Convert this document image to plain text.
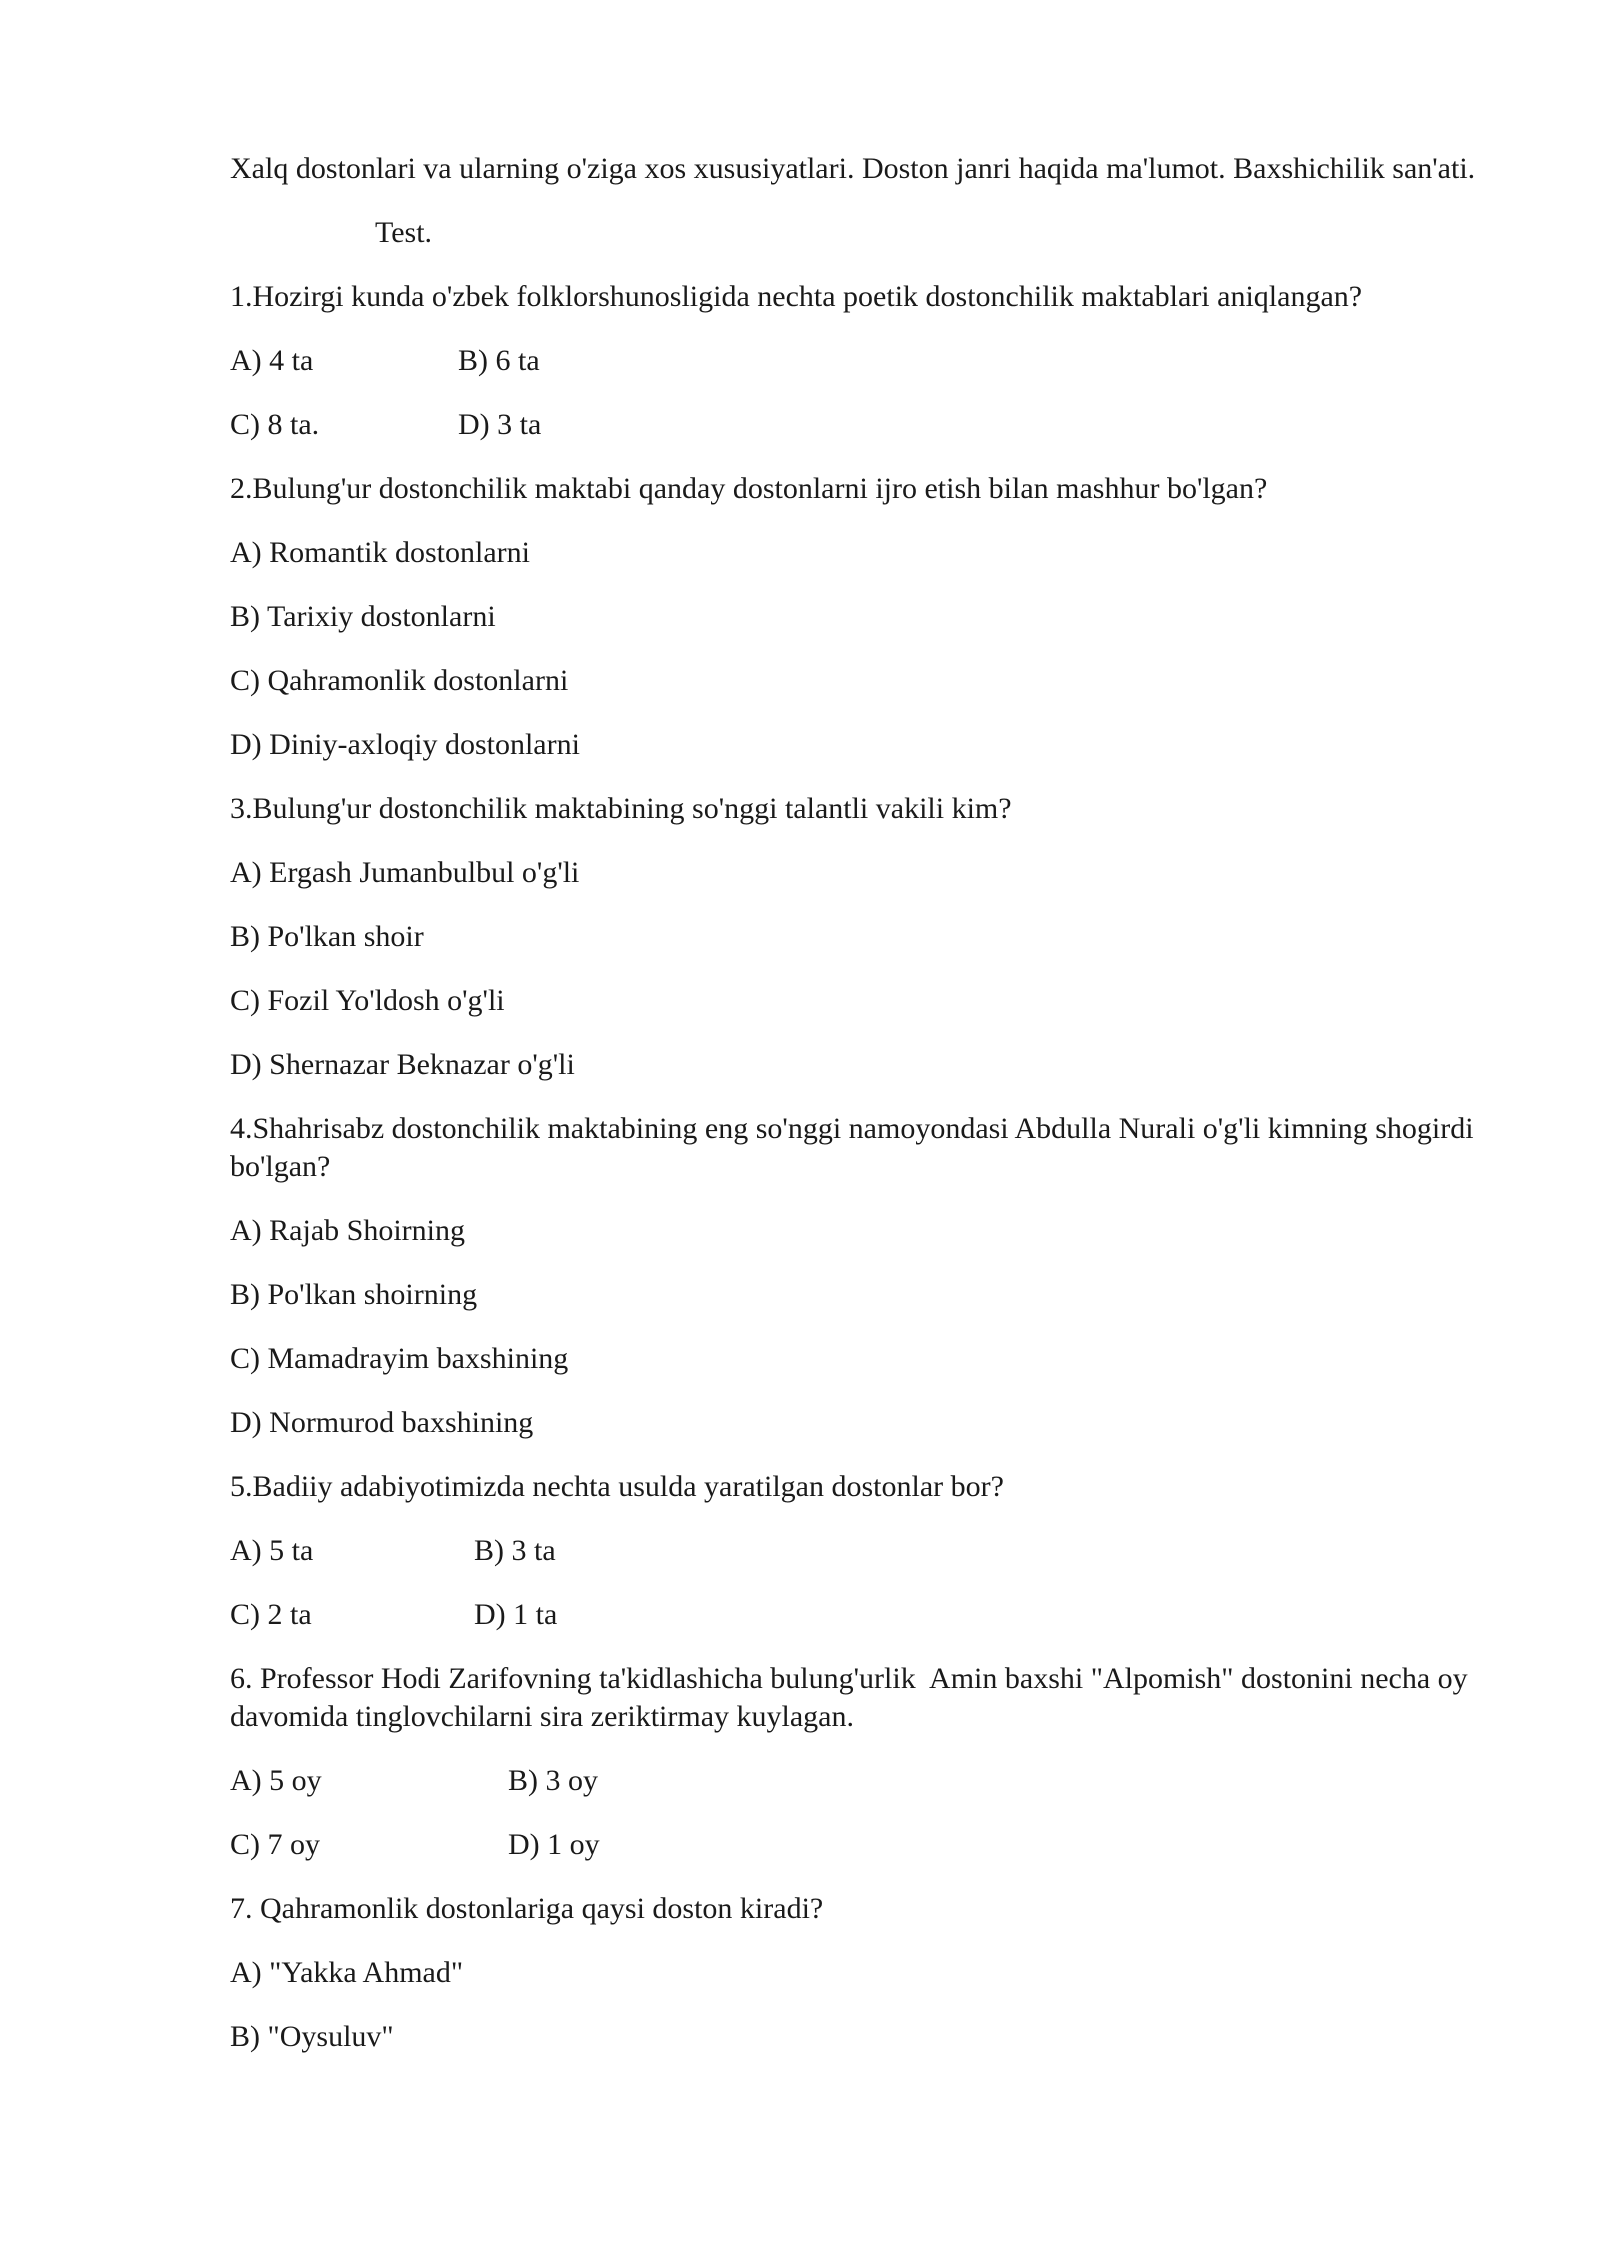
Xalq dostonlari va ularning o'ziga xos xususiyatlari. Doston janri haqida ma'lumot. Baxshichilik san'ati.
Test.
1.Hozirgi kunda o'zbek folklorshunosligida nechta poetik dostonchilik maktablari aniqlangan?
A) 4 ta	B) 6 ta
C) 8 ta.	D) 3 ta
2.Bulung'ur dostonchilik maktabi qanday dostonlarni ijro etish bilan mashhur bo'lgan?
A) Romantik dostonlarni
B) Tarixiy dostonlarni
C) Qahramonlik dostonlarni
D) Diniy-axloqiy dostonlarni
3.Bulung'ur dostonchilik maktabining so'nggi talantli vakili kim?
A) Ergash Jumanbulbul o'g'li
B) Po'lkan shoir
C) Fozil Yo'ldosh o'g'li
D) Shernazar Beknazar o'g'li
4.Shahrisabz dostonchilik maktabining eng so'nggi namoyondasi Abdulla Nurali o'g'li kimning shogirdi bo'lgan?
A) Rajab Shoirning
B) Po'lkan shoirning
C) Mamadrayim baxshining
D) Normurod baxshining
5.Badiiy adabiyotimizda nechta usulda yaratilgan dostonlar bor?
A) 5 ta	B) 3 ta
C) 2 ta	D) 1 ta
6. Professor Hodi Zarifovning ta'kidlashicha bulung'urlik  Amin baxshi "Alpomish" dostonini necha oy davomida tinglovchilarni sira zeriktirmay kuylagan.
A) 5 oy	B) 3 oy
C) 7 oy	D) 1 oy
7. Qahramonlik dostonlariga qaysi doston kiradi?
A) "Yakka Ahmad"
B) "Oysuluv"
